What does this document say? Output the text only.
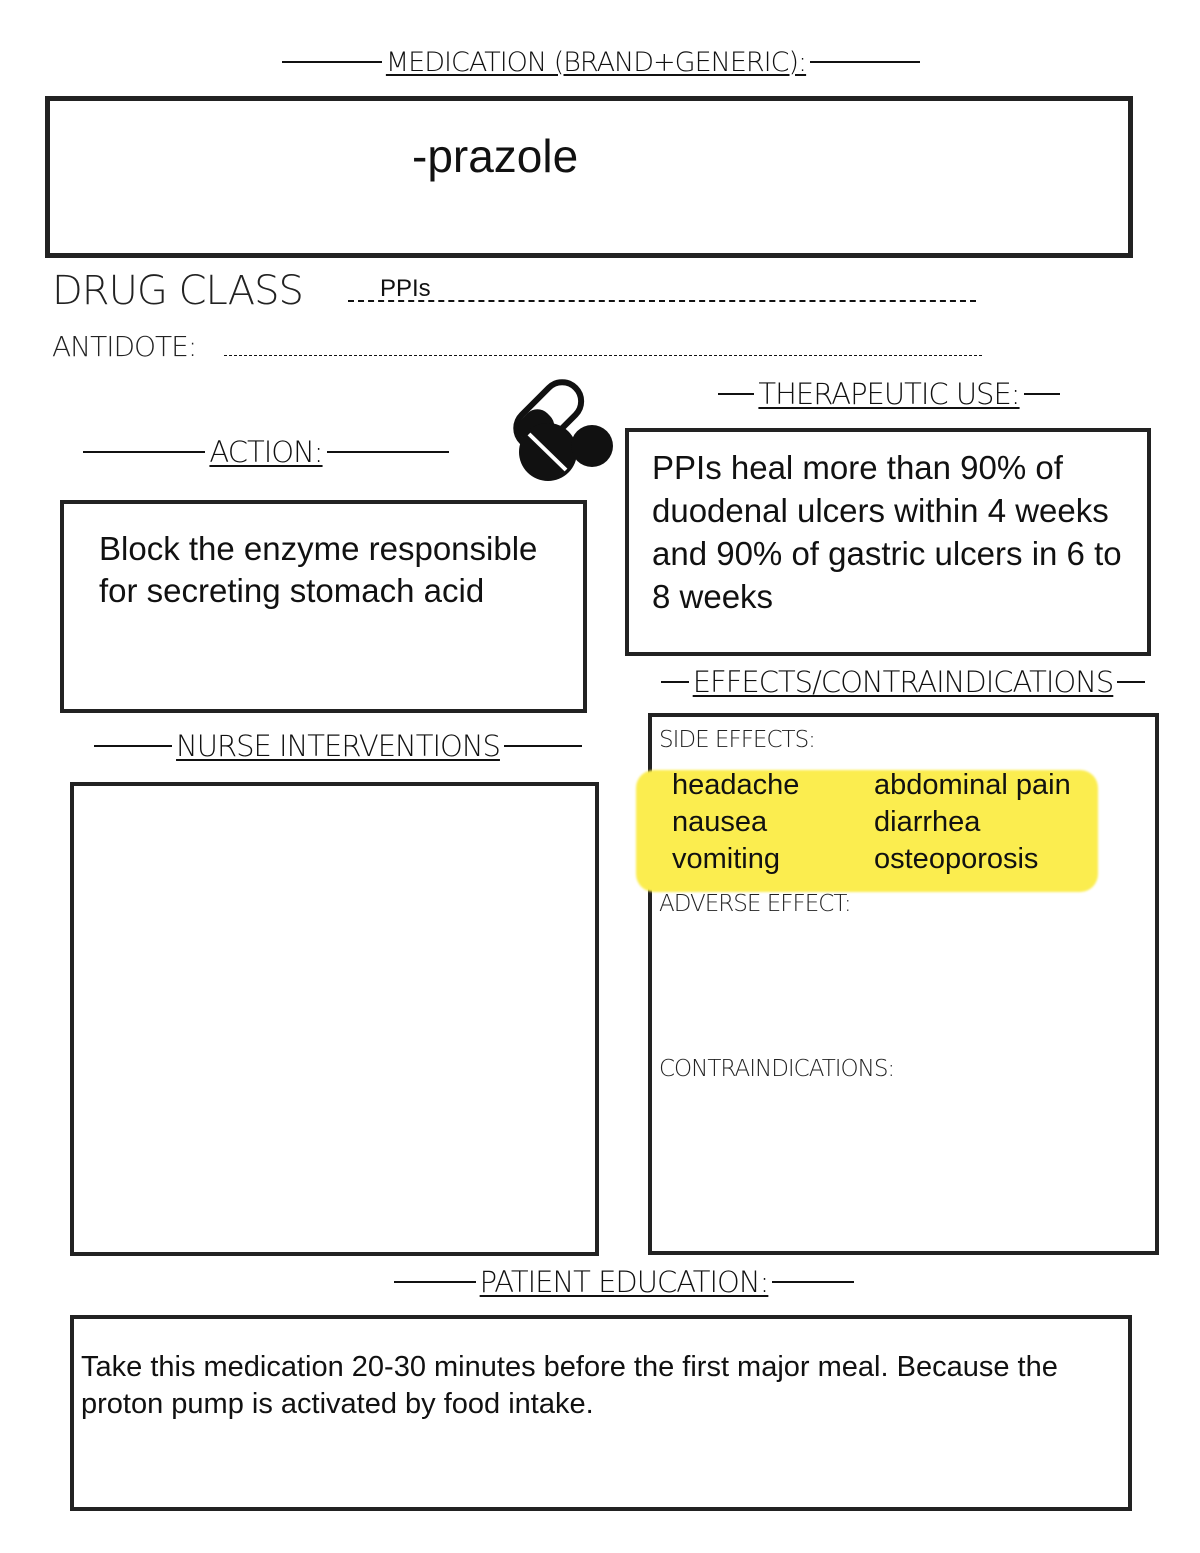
MEDICATION (BRAND+GENERIC):
-prazole
DRUG CLASS	PPIs
ANTIDOTE:
THERAPEUTIC USE:
PPIs heal more than 90% of duodenal ulcers within 4 weeks and 90% of gastric ulcers in 6 to 8 weeks
ACTION:
Block the enzyme responsible for secreting stomach acid
EFFECTS/CONTRAINDICATIONS
NURSE INTERVENTIONS	SIDE EFFECTS:
headache	abdominal pain
nausea	diarrhea
vomiting	osteoporosis
ADVERSE EFFECT:
CONTRAINDICATIONS:
PATIENT EDUCATION:
Take this medication 20-30 minutes before the first major meal. Because the proton pump is activated by food intake.
